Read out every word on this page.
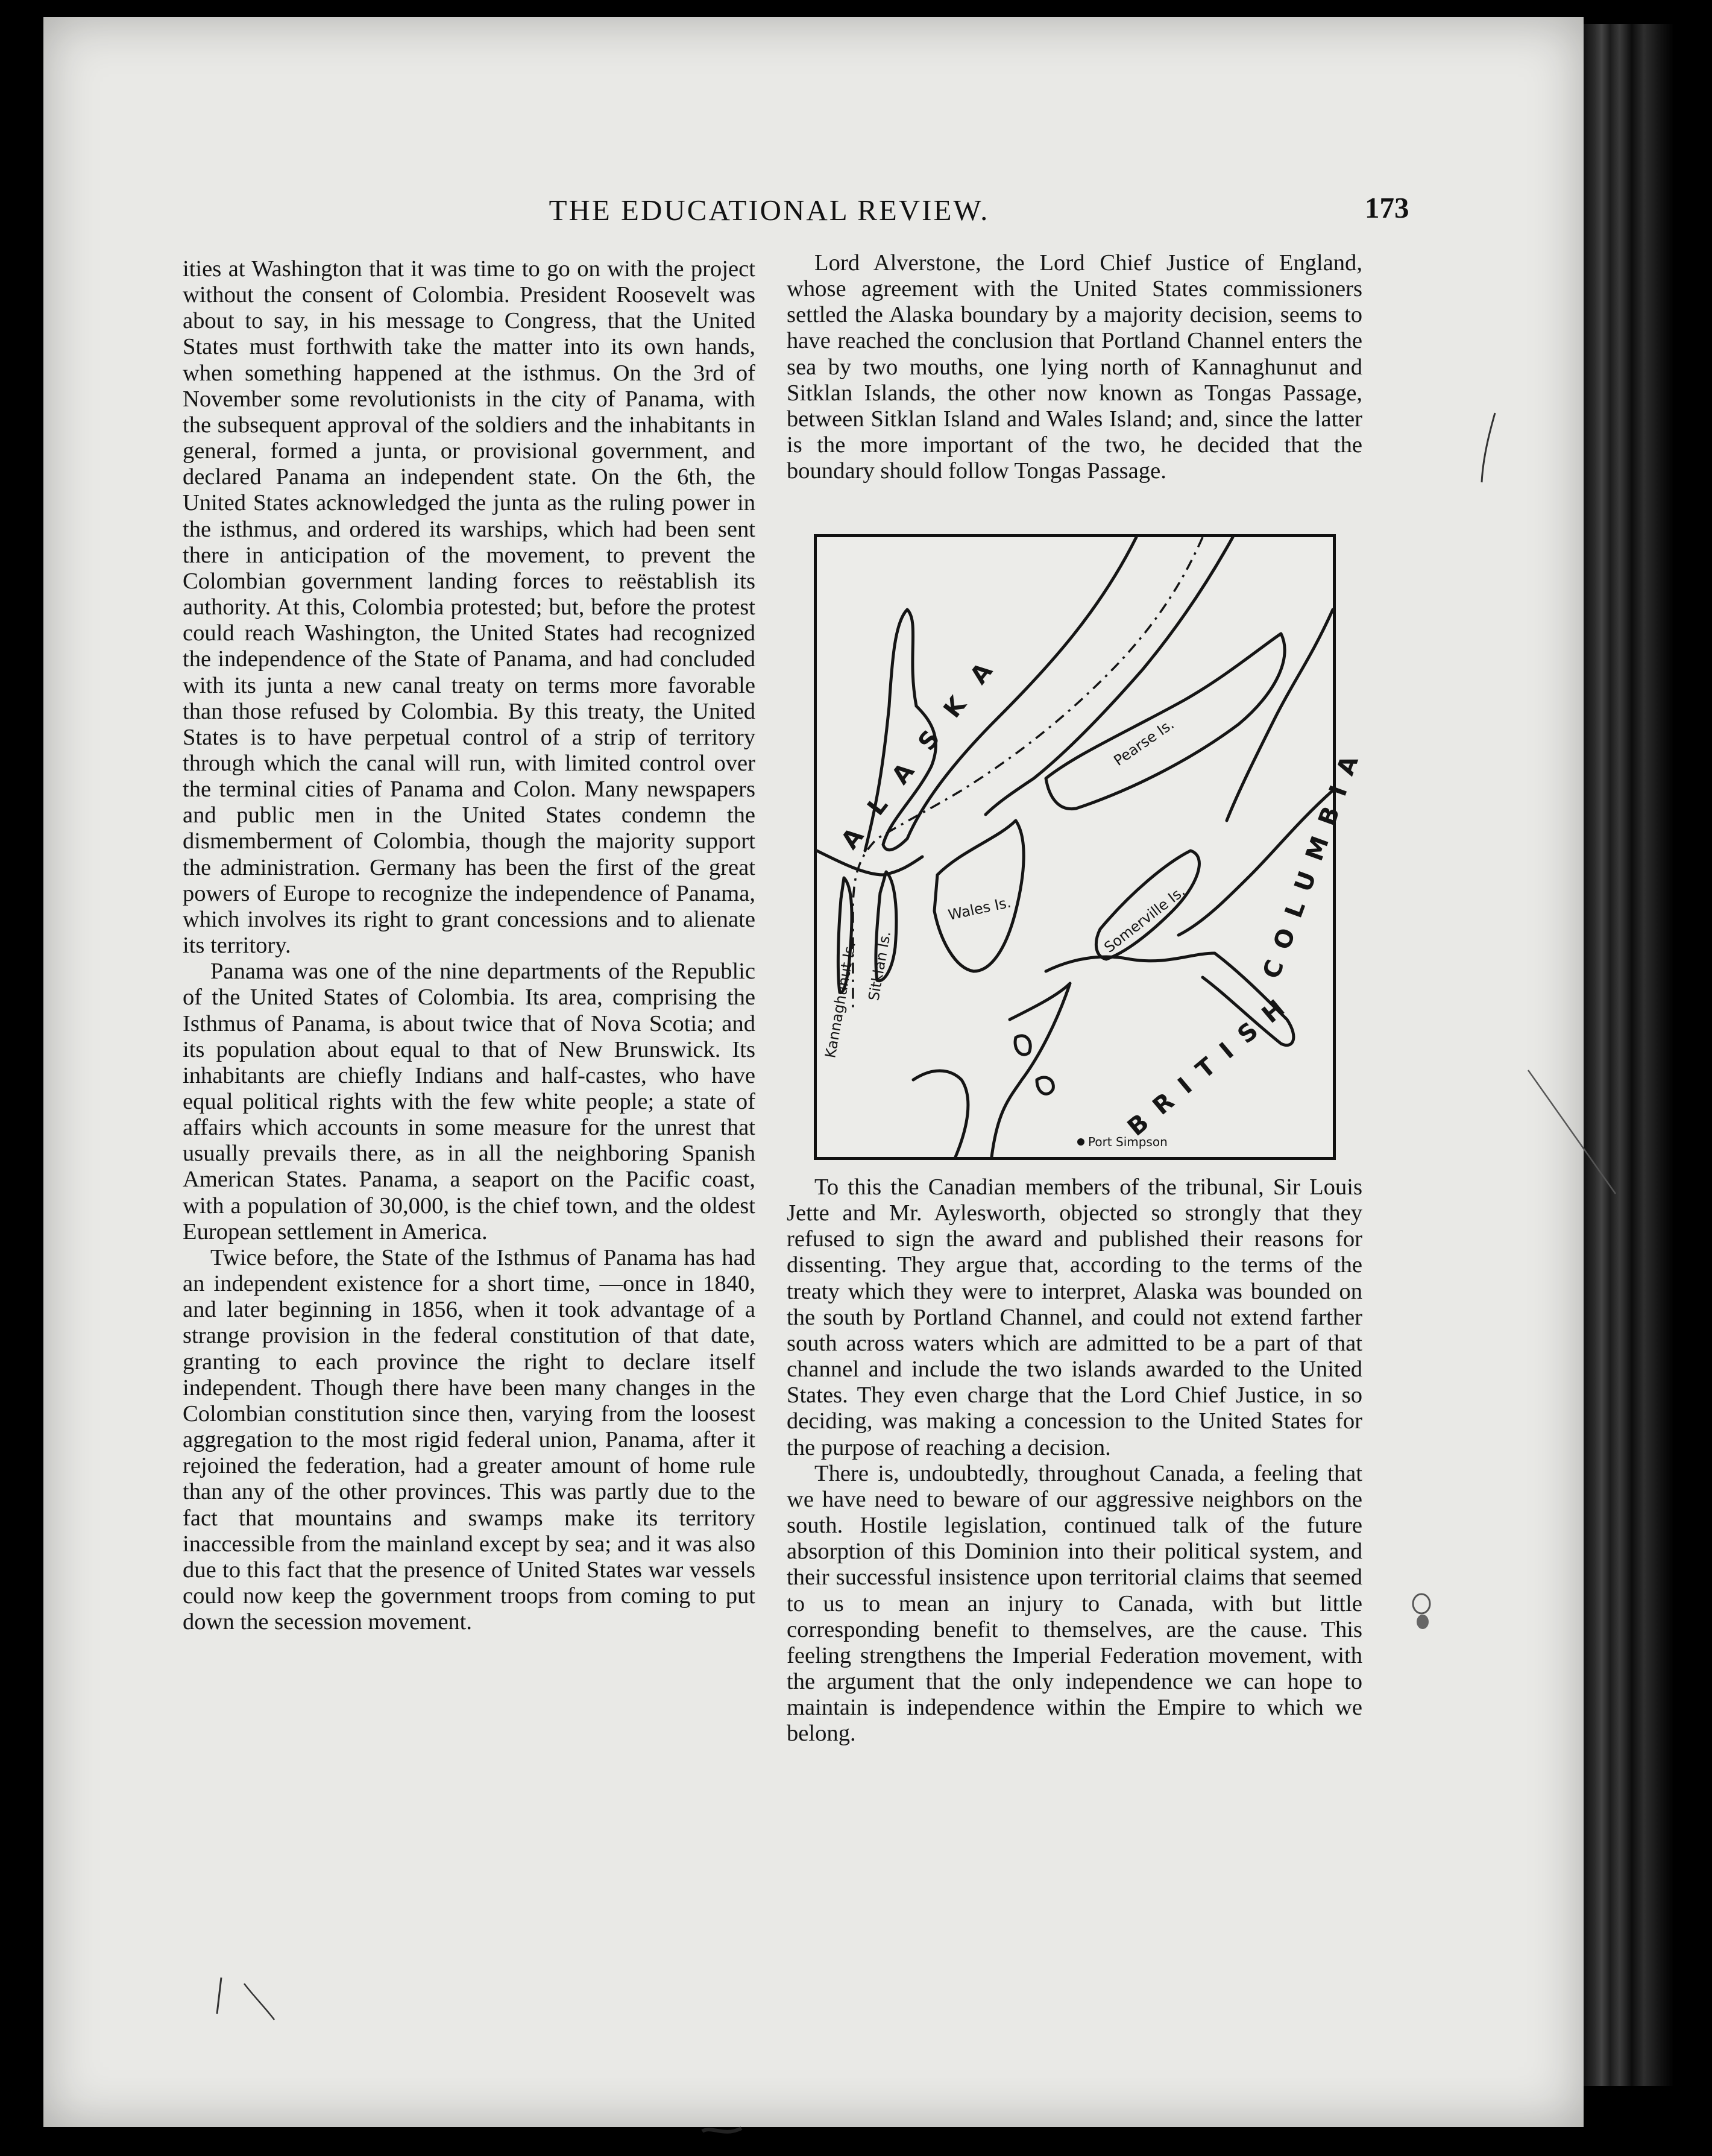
THE EDUCATIONAL REVIEW.	173

ities at Washington that it was time to go on with the project without the consent of Colombia. President Roosevelt was about to say, in his message to Congress, that the United States must forthwith take the matter into its own hands, when something happened at the isthmus. On the 3rd of November some revolutionists in the city of Panama, with the subsequent approval of the soldiers and the inhabitants in general, formed a junta, or provisional government, and declared Panama an independent state. On the 6th, the United States acknowledged the junta as the ruling power in the isthmus, and ordered its warships, which had been sent there in anticipation of the movement, to prevent the Colombian government landing forces to reëstablish its authority. At this, Colombia protested; but, before the protest could reach Washington, the United States had recognized the independence of the State of Panama, and had concluded with its junta a new canal treaty on terms more favorable than those refused by Colombia. By this treaty, the United States is to have perpetual control of a strip of territory through which the canal will run, with limited control over the terminal cities of Panama and Colon. Many newspapers and public men in the United States condemn the dismemberment of Colombia, though the majority support the administration. Germany has been the first of the great powers of Europe to recognize the independence of Panama, which involves its right to grant concessions and to alienate its territory.

Panama was one of the nine departments of the Republic of the United States of Colombia. Its area, comprising the Isthmus of Panama, is about twice that of Nova Scotia; and its population about equal to that of New Brunswick. Its inhabitants are chiefly Indians and half-castes, who have equal political rights with the few white people; a state of affairs which accounts in some measure for the unrest that usually prevails there, as in all the neighboring Spanish American States. Panama, a seaport on the Pacific coast, with a population of 30,000, is the chief town, and the oldest European settlement in America.

Twice before, the State of the Isthmus of Panama has had an independent existence for a short time, —once in 1840, and later beginning in 1856, when it took advantage of a strange provision in the federal constitution of that date, granting to each province the right to declare itself independent. Though there have been many changes in the Colombian constitution since then, varying from the loosest aggregation to the most rigid federal union, Panama, after it rejoined the federation, had a greater amount of home rule than any of the other provinces. This was partly due to the fact that mountains and swamps make its territory inaccessible from the mainland except by sea; and it was also due to this fact that the presence of United States war vessels could now keep the government troops from coming to put down the secession movement.

Lord Alverstone, the Lord Chief Justice of England, whose agreement with the United States commissioners settled the Alaska boundary by a majority decision, seems to have reached the conclusion that Portland Channel enters the sea by two mouths, one lying north of Kannaghunut and Sitklan Islands, the other now known as Tongas Passage, between Sitklan Island and Wales Island; and, since the latter is the more important of the two, he decided that the boundary should follow Tongas Passage.

ALASKA
BRITISH
COLUMBIA
Pearse Is.
Wales Is.	Somerville Is.
Sitklan Is.
Kannaghunut Is.
Port Simpson

To this the Canadian members of the tribunal, Sir Louis Jette and Mr. Aylesworth, objected so strongly that they refused to sign the award and published their reasons for dissenting. They argue that, according to the terms of the treaty which they were to interpret, Alaska was bounded on the south by Portland Channel, and could not extend farther south across waters which are admitted to be a part of that channel and include the two islands awarded to the United States. They even charge that the Lord Chief Justice, in so deciding, was making a concession to the United States for the purpose of reaching a decision.

There is, undoubtedly, throughout Canada, a feeling that we have need to beware of our aggressive neighbors on the south. Hostile legislation, continued talk of the future absorption of this Dominion into their political system, and their successful insistence upon territorial claims that seemed to us to mean an injury to Canada, with but little corresponding benefit to themselves, are the cause. This feeling strengthens the Imperial Federation movement, with the argument that the only independence we can hope to maintain is independence within the Empire to which we belong.
